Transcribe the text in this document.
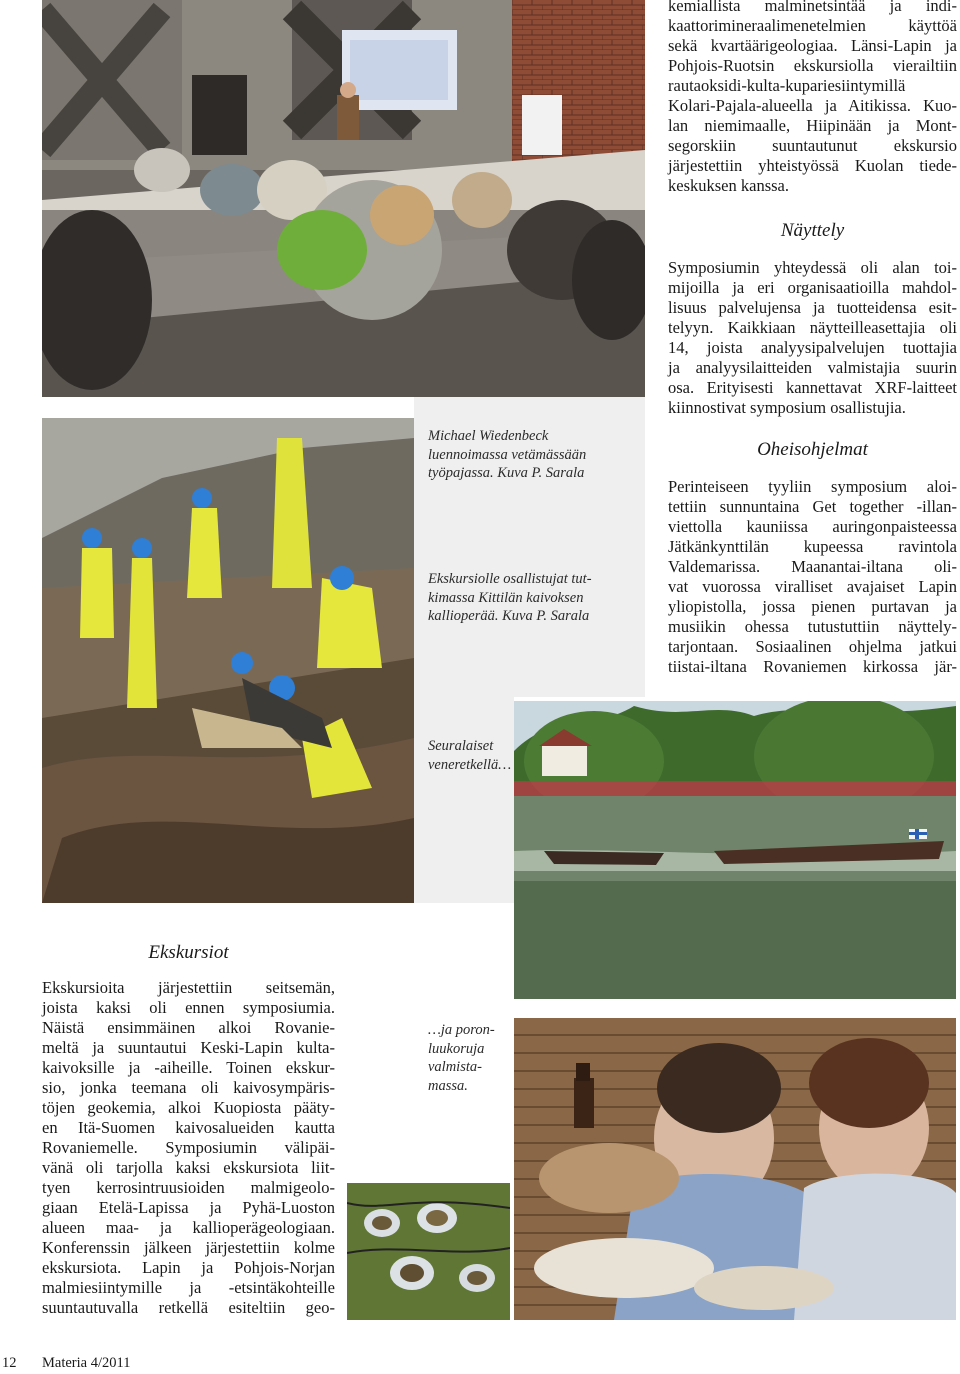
Michael Wiedenbeck
luennoimassa vetämässään
työpajassa. Kuva P. Sarala
Ekskursiolle osallistujat tut-
kimassa Kittilän kaivoksen
kallioperää. Kuva P. Sarala
Seuralaiset
veneretkellä…
…ja poron-
luukoruja
valmista-
massa.
kemiallista malminetsintää ja indi-
kaattorimineraalimenetelmien käyttöä
sekä kvartäärigeologiaa. Länsi-Lapin ja
Pohjois-Ruotsin ekskursiolla vierailtiin
rautaoksidi-kulta-kupariesiintymillä
Kolari-Pajala-alueella ja Aitikissa. Kuo-
lan niemimaalle, Hiipinään ja Mont-
segorskiin suuntautunut ekskursio
järjestettiin yhteistyössä Kuolan tiede-
keskuksen kanssa.
Näyttely
Symposiumin yhteydessä oli alan toi-
mijoilla ja eri organisaatioilla mahdol-
lisuus palvelujensa ja tuotteidensa esit-
telyyn. Kaikkiaan näytteilleasettajia oli
14, joista analyysipalvelujen tuottajia
ja analyysilaitteiden valmistajia suurin
osa. Erityisesti kannettavat XRF-laitteet
kiinnostivat symposium osallistujia.
Oheisohjelmat
Perinteiseen tyyliin symposium aloi-
tettiin sunnuntaina Get together -illan-
viettolla kauniissa auringonpaisteessa
Jätkänkynttilän kupeessa ravintola
Valdemarissa. Maanantai-iltana oli-
vat vuorossa viralliset avajaiset Lapin
yliopistolla, jossa pienen purtavan ja
musiikin ohessa tutustuttiin näyttely-
tarjontaan. Sosiaalinen ohjelma jatkui
tiistai-iltana Rovaniemen kirkossa jär-
Ekskursiot
Ekskursioita järjestettiin seitsemän,
joista kaksi oli ennen symposiumia.
Näistä ensimmäinen alkoi Rovanie-
meltä ja suuntautui Keski-Lapin kulta-
kaivoksille ja -aiheille. Toinen ekskur-
sio, jonka teemana oli kaivosympäris-
töjen geokemia, alkoi Kuopiosta pääty-
en Itä-Suomen kaivosalueiden kautta
Rovaniemelle. Symposiumin välipäi-
vänä oli tarjolla kaksi ekskursiota liit-
tyen kerrosintruusioiden malmigeolo-
giaan Etelä-Lapissa ja Pyhä-Luoston
alueen maa- ja kallioperägeologiaan.
Konferenssin jälkeen järjestettiin kolme
ekskursiota. Lapin ja Pohjois-Norjan
malmiesiintymille ja -etsintäkohteille
suuntautuvalla retkellä esiteltiin geo-
12 Materia 4/2011
